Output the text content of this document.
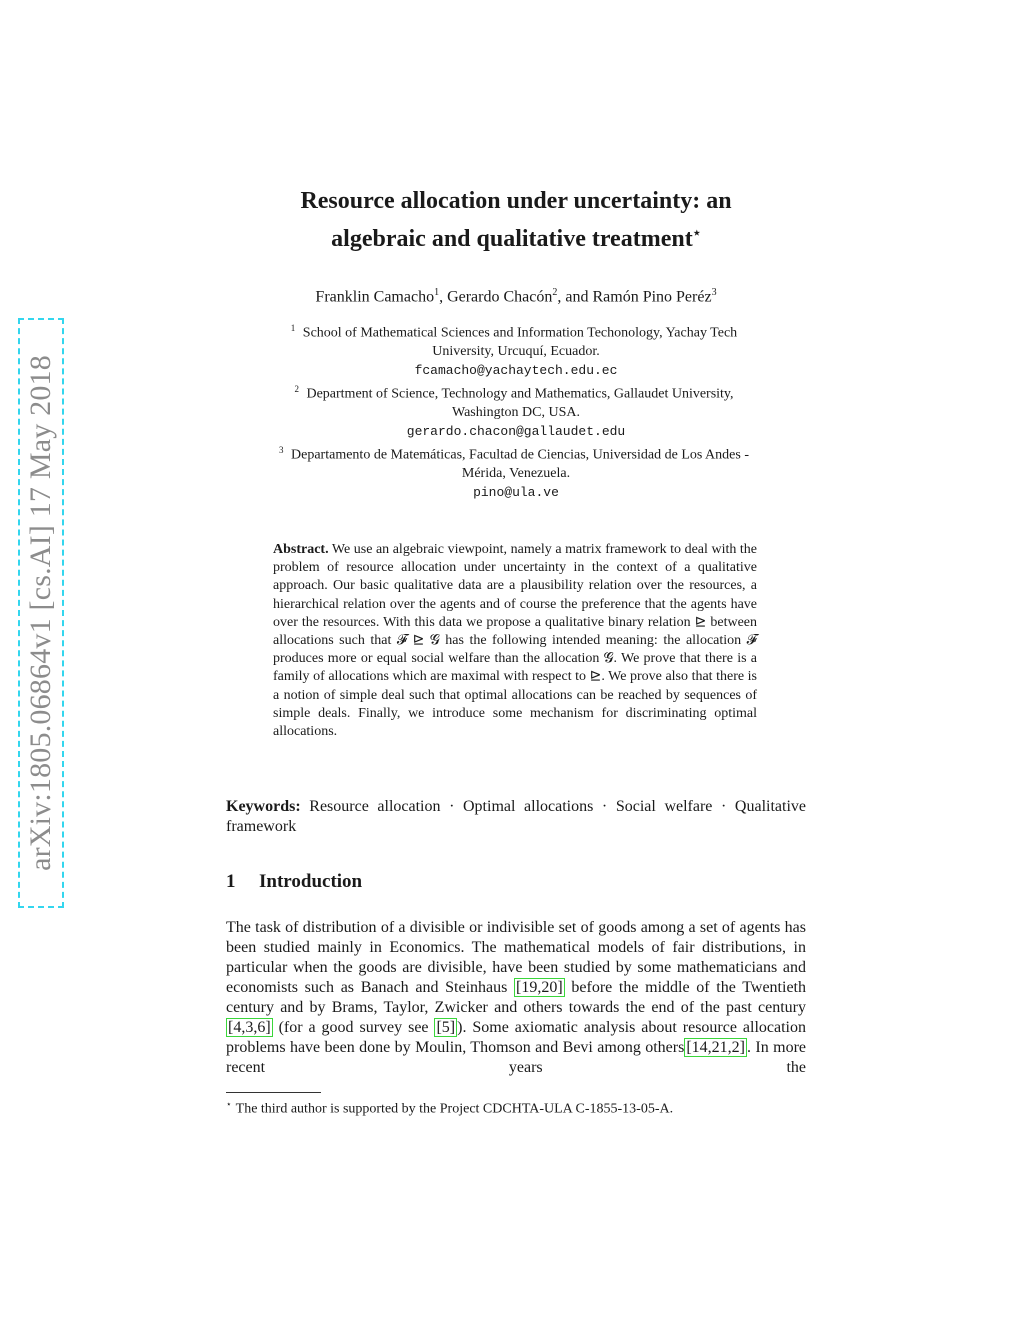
arXiv:1805.06864v1 [cs.AI] 17 May 2018
Resource allocation under uncertainty: an
algebraic and qualitative treatment⋆
Franklin Camacho$^1$, Gerardo Chacón$^2$, and Ramón Pino Peréz$^3$
$^1$ School of Mathematical Sciences and Information Techonology, Yachay Tech
University, Urcuquí, Ecuador.
fcamacho@yachaytech.edu.ec
$^2$ Department of Science, Technology and Mathematics, Gallaudet University,
Washington DC, USA.
gerardo.chacon@gallaudet.edu
$^3$ Departamento de Matemáticas, Facultad de Ciencias, Universidad de Los Andes -
Mérida, Venezuela.
pino@ula.ve
Abstract. We use an algebraic viewpoint, namely a matrix framework to deal with the problem of resource allocation under uncertainty in the context of a qualitative approach. Our basic qualitative data are a plausibility relation over the resources, a hierarchical relation over the agents and of course the preference that the agents have over the resources. With this data we propose a qualitative binary relation ⊵ between allocations such that 𝓕 ⊵ 𝓖 has the following intended meaning: the allocation 𝓕 produces more or equal social welfare than the allocation 𝓖. We prove that there is a family of allocations which are maximal with respect to ⊵. We prove also that there is a notion of simple deal such that optimal allocations can be reached by sequences of simple deals. Finally, we introduce some mechanism for discriminating optimal allocations.
Keywords: Resource allocation · Optimal allocations · Social welfare · Qualitative framework
1 Introduction
The task of distribution of a divisible or indivisible set of goods among a set of agents has been studied mainly in Economics. The mathematical models of fair distributions, in particular when the goods are divisible, have been studied by some mathematicians and economists such as Banach and Steinhaus [19,20] before the middle of the Twentieth century and by Brams, Taylor, Zwicker and others towards the end of the past century [4,3,6] (for a good survey see [5] ). Some axiomatic analysis about resource allocation problems have been done by Moulin, Thomson and Bevi among others [14,21,2] . In more recent years the
⋆ The third author is supported by the Project CDCHTA-ULA C-1855-13-05-A.
